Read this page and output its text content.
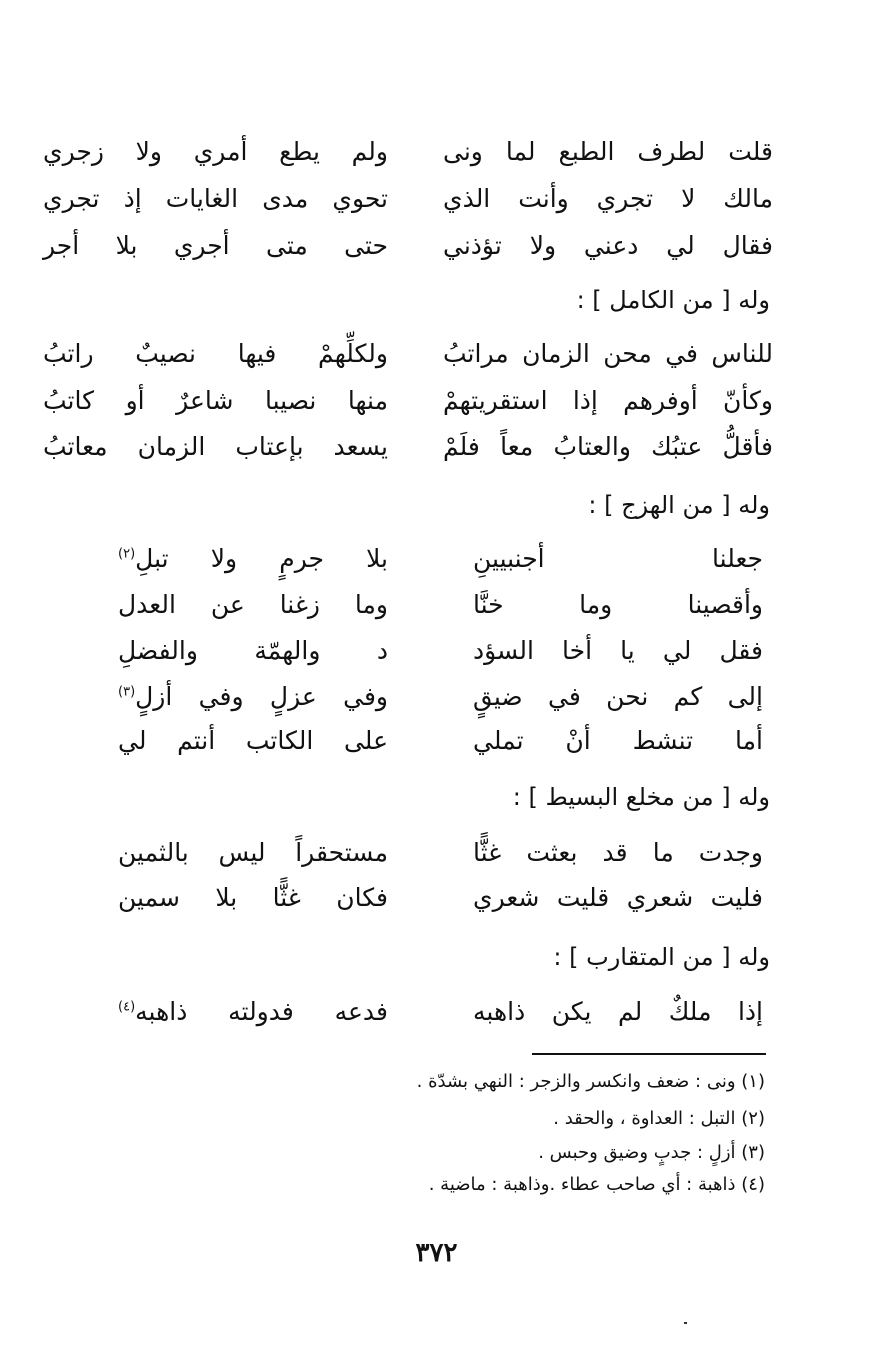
قلت لطرف الطبع لما ونى
ولم يطع أمري ولا زجري
مالك لا تجري وأنت الذي
تحوي مدى الغايات إذ تجري
فقال لي دعني ولا تؤذني
حتى متى أجري بلا أجر
وله [ من الكامل ] :
للناس في محن الزمان مراتبُ
ولكلِّهمْ فيها نصيبٌ راتبُ
وكأنّ أوفرهم إذا استقريتهمْ
منها نصيبا شاعرٌ أو كاتبُ
فأقلُّ عتبُك والعتابُ معاً فلَمْ
يسعد بإعتاب الزمان معاتبُ
وله [ من الهزج ] :
جعلنا أجنبيينِ
بلا جرمٍ ولا تبلِ$^{(٢)}$
وأقصينا وما خنَّا
وما زغنا عن العدل
فقل لي يا أخا السؤد
د والهمّة والفضلِ
إلى كم نحن في ضيقٍ
وفي عزلٍ وفي أزلٍ$^{(٣)}$
أما تنشط أنْ تملي
على الكاتب أنتم لي
وله [ من مخلع البسيط ] :
وجدت ما قد بعثت غثًّا
مستحقراً ليس بالثمين
فليت شعري قليت شعري
فكان غثًّا بلا سمين
وله [ من المتقارب ] :
إذا ملكٌ لم يكن ذاهبه
فدعه فدولته ذاهبه$^{(٤)}$
(١) ونى : ضعف وانكسر والزجر : النهي بشدّة .
(٢) التبل : العداوة ، والحقد .
(٣) أزلٍ : جدبٍ وضيق وحبس .
(٤) ذاهبة : أي صاحب عطاء .وذاهبة : ماضية .
٣٧٢
